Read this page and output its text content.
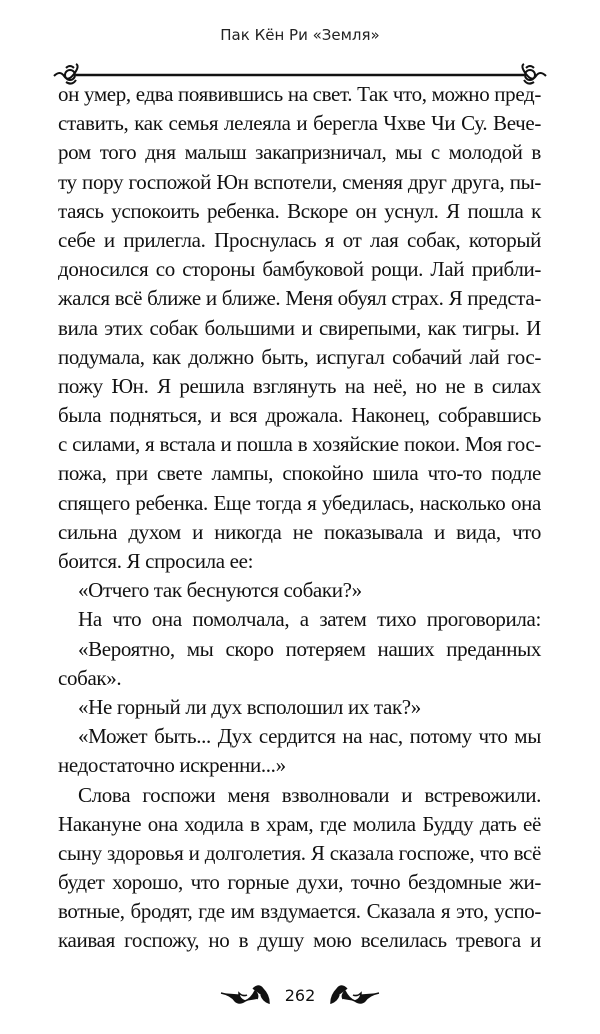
Пак Кён Ри «Земля»
он умер, едва появившись на свет. Так что, можно пред-
ставить, как семья лелеяла и берегла Чхве Чи Су. Вече-
ром того дня малыш закапризничал, мы с молодой в
ту пору госпожой Юн вспотели, сменяя друг друга, пы-
таясь успокоить ребенка. Вскоре он уснул. Я пошла к
себе и прилегла. Проснулась я от лая собак, который
доносился со стороны бамбуковой рощи. Лай прибли-
жался всё ближе и ближе. Меня обуял страх. Я предста-
вила этих собак большими и свирепыми, как тигры. И
подумала, как должно быть, испугал собачий лай гос-
пожу Юн. Я решила взглянуть на неё, но не в силах
была подняться, и вся дрожала. Наконец, собравшись
с силами, я встала и пошла в хозяйские покои. Моя гос-
пожа, при свете лампы, спокойно шила что-то подле
спящего ребенка. Еще тогда я убедилась, насколько она
сильна духом и никогда не показывала и вида, что
боится. Я спросила ее:
«Отчего так беснуются собаки?»
На что она помолчала, а затем тихо проговорила:
«Вероятно, мы скоро потеряем наших преданных
собак».
«Не горный ли дух всполошил их так?»
«Может быть... Дух сердится на нас, потому что мы
недостаточно искренни...»
Слова госпожи меня взволновали и встревожили.
Накануне она ходила в храм, где молила Будду дать её
сыну здоровья и долголетия. Я сказала госпоже, что всё
будет хорошо, что горные духи, точно бездомные жи-
вотные, бродят, где им вздумается. Сказала я это, успо-
каивая госпожу, но в душу мою вселилась тревога и
262
